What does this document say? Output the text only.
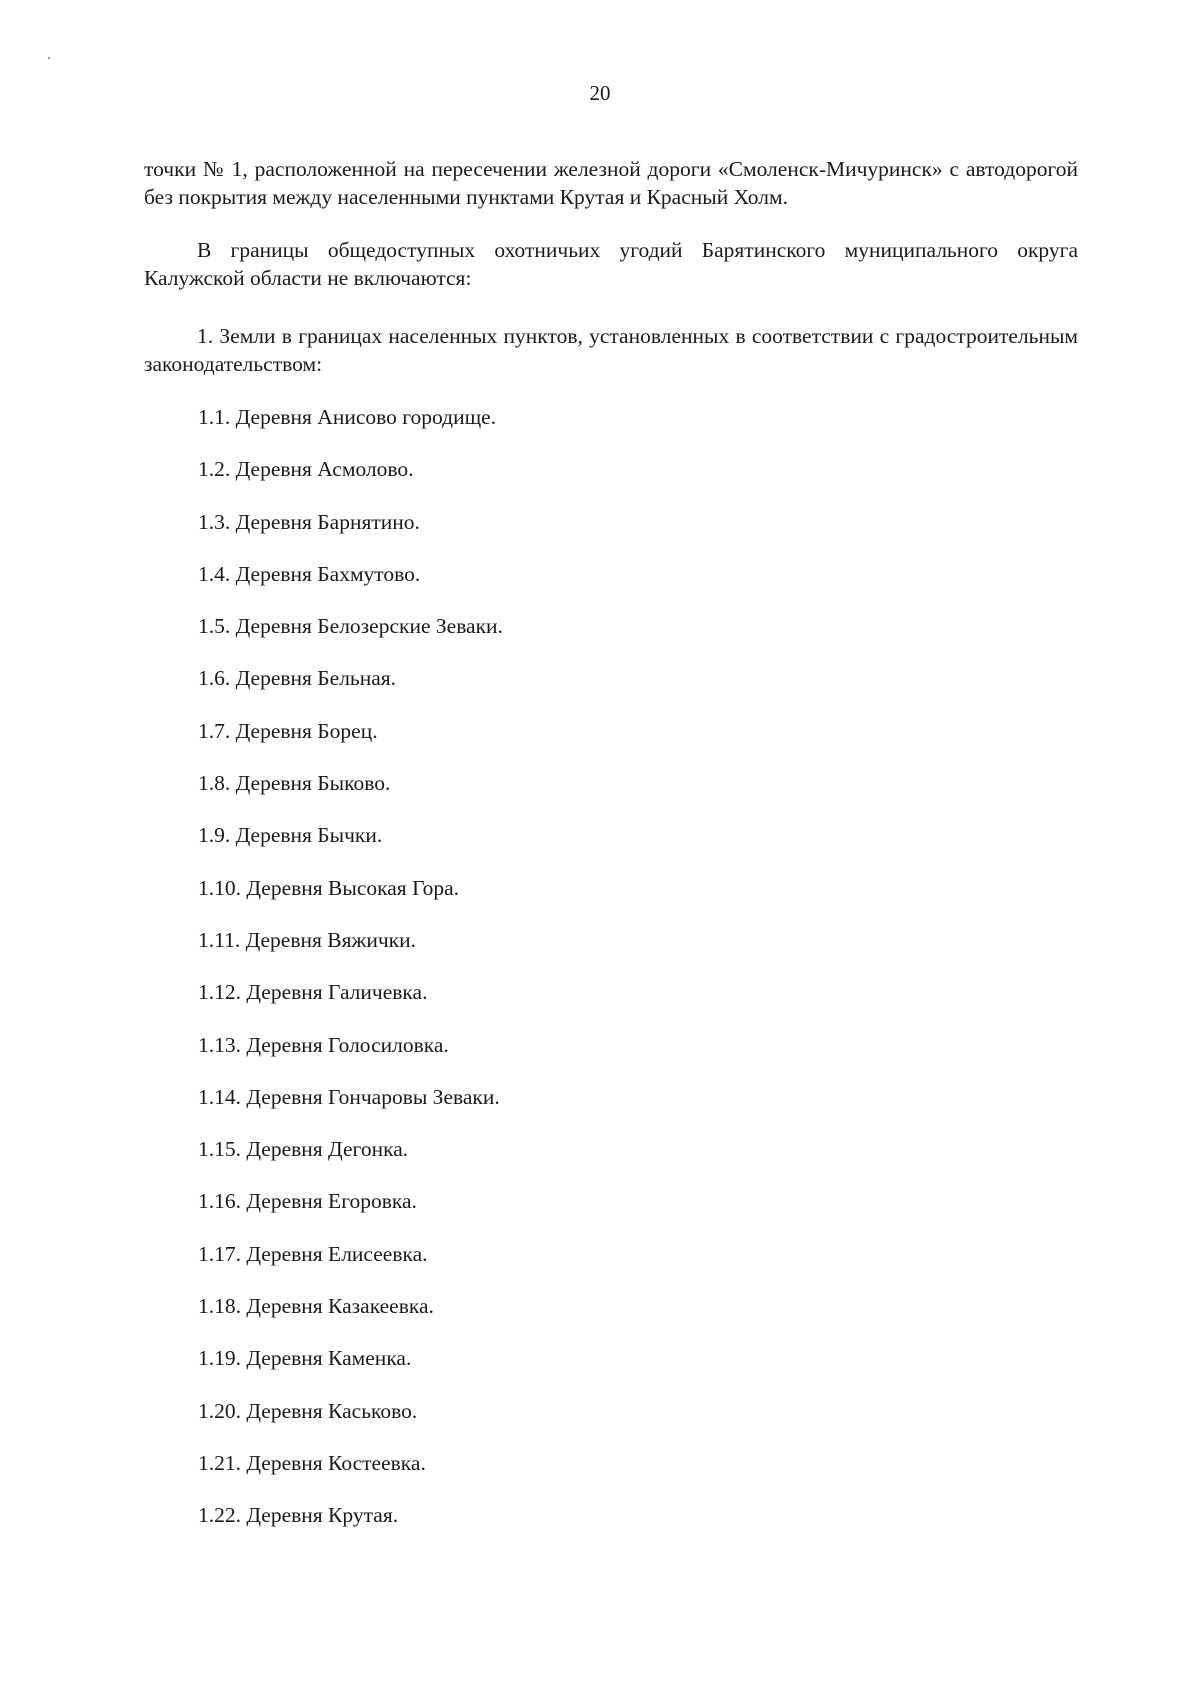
20

точки № 1, расположенной на пересечении железной дороги «Смоленск-Мичуринск» с автодорогой без покрытия между населенными пунктами Крутая и Красный Холм.

В границы общедоступных охотничьих угодий Барятинского муниципального округа Калужской области не включаются:

1. Земли в границах населенных пунктов, установленных в соответствии с градостроительным законодательством:

1.1. Деревня Анисово городище.
1.2. Деревня Асмолово.
1.3. Деревня Барнятино.
1.4. Деревня Бахмутово.
1.5. Деревня Белозерские Зеваки.
1.6. Деревня Бельная.
1.7. Деревня Борец.
1.8. Деревня Быково.
1.9. Деревня Бычки.
1.10. Деревня Высокая Гора.
1.11. Деревня Вяжички.
1.12. Деревня Галичевка.
1.13. Деревня Голосиловка.
1.14. Деревня Гончаровы Зеваки.
1.15. Деревня Дегонка.
1.16. Деревня Егоровка.
1.17. Деревня Елисеевка.
1.18. Деревня Казакеевка.
1.19. Деревня Каменка.
1.20. Деревня Каськово.
1.21. Деревня Костеевка.
1.22. Деревня Крутая.
